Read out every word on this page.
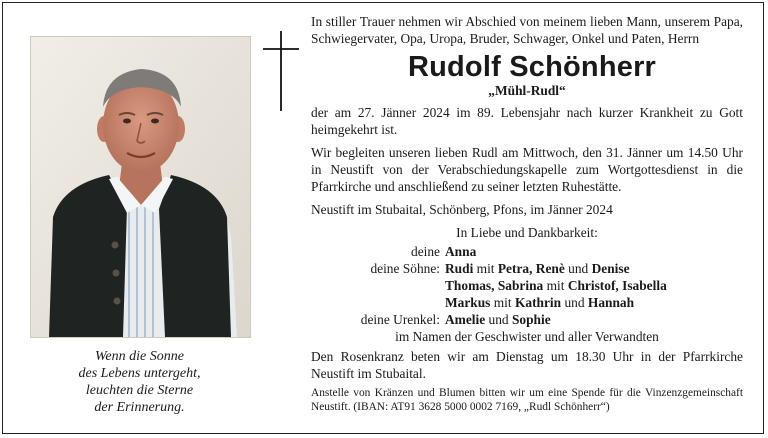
Wenn die Sonne
des Lebens untergeht,
leuchten die Sterne
der Erinnerung.

In stiller Trauer nehmen wir Abschied von meinem lieben Mann, unserem Papa, Schwiegervater, Opa, Uropa, Bruder, Schwager, Onkel und Paten, Herrn

Rudolf Schönherr
„Mühl-Rudl“

der am 27. Jänner 2024 im 89. Lebensjahr nach kurzer Krankheit zu Gott heimgekehrt ist.

Wir begleiten unseren lieben Rudl am Mittwoch, den 31. Jänner um 14.50 Uhr in Neustift von der Verabschiedungskapelle zum Wortgottesdienst in die Pfarrkirche und anschließend zu seiner letzten Ruhestätte.

Neustift im Stubaital, Schönberg, Pfons, im Jänner 2024

In Liebe und Dankbarkeit:

deine Anna
deine Söhne: Rudi mit Petra, Renè und Denise
Thomas, Sabrina mit Christof, Isabella
Markus mit Kathrin und Hannah
deine Urenkel: Amelie und Sophie

im Namen der Geschwister und aller Verwandten

Den Rosenkranz beten wir am Dienstag um 18.30 Uhr in der Pfarrkirche Neustift im Stubaital.

Anstelle von Kränzen und Blumen bitten wir um eine Spende für die Vinzenzgemeinschaft Neustift. (IBAN: AT91 3628 5000 0002 7169, „Rudl Schönherr“)
